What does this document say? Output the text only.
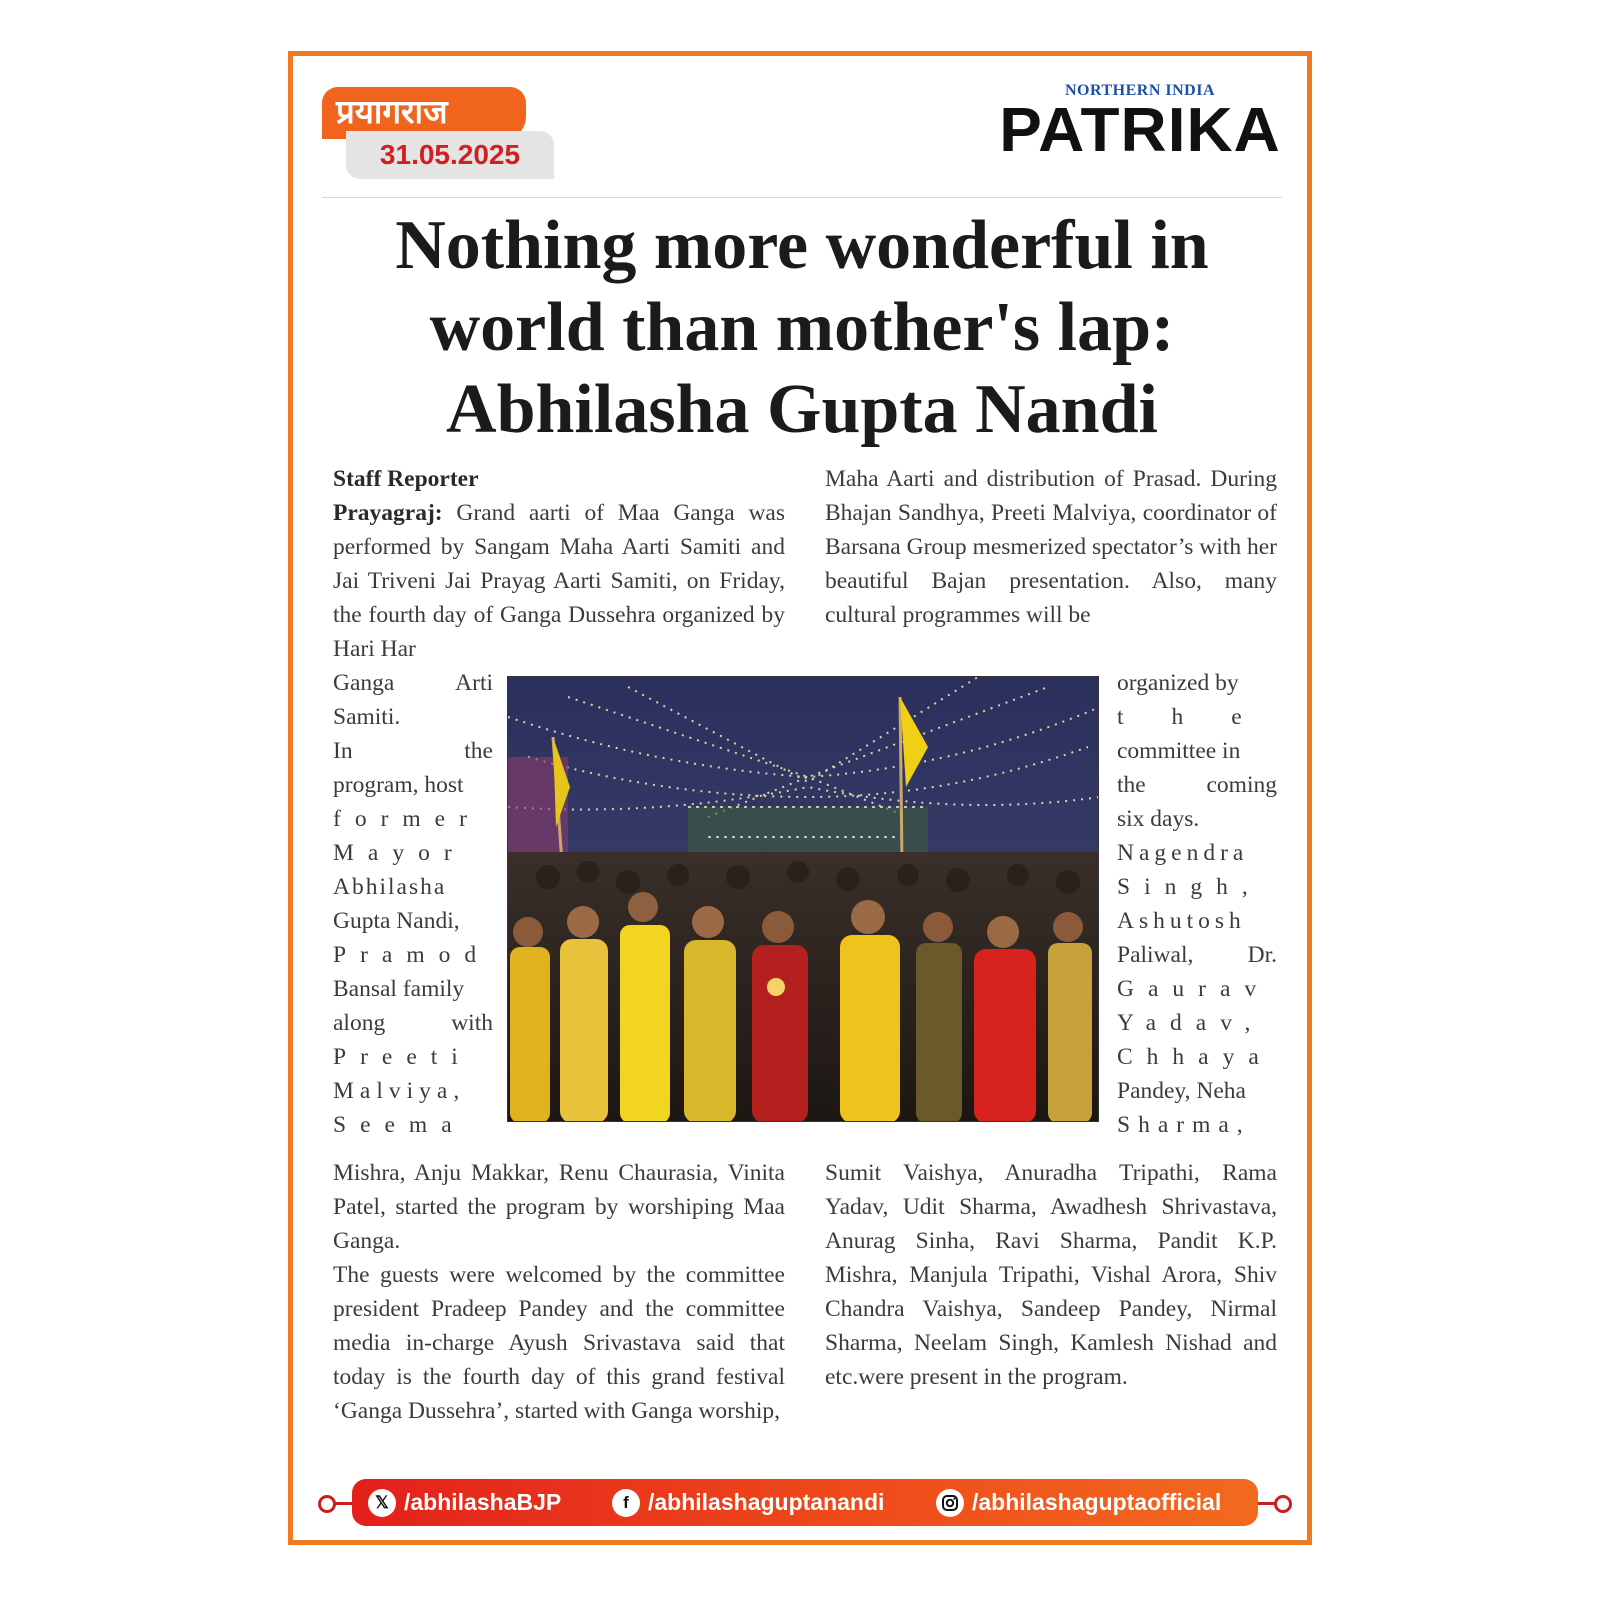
प्रयागराज
31.05.2025
NORTHERN INDIA
PATRIKA
Nothing more wonderful in
world than mother's lap:
Abhilasha Gupta Nandi

Staff Reporter

Prayagraj: Grand aarti of Maa Ganga was performed by Sangam Maha Aarti Samiti and Jai Triveni Jai Prayag Aarti Samiti, on Friday, the fourth day of Ganga Dussehra organized by Hari Har

Ganga Arti

Samiti.

In the

program, host

former

Mayor

Abhilasha

Gupta Nandi,

Pramod

Bansal family

along with

Preeti

Malviya,

Seema

Mishra, Anju Makkar, Renu Chaurasia, Vinita Patel, started the program by worshiping Maa Ganga.

The guests were welcomed by the committee president Pradeep Pandey and the committee media in-charge Ayush Srivastava said that today is the fourth day of this grand festival ‘Ganga Dussehra’, started with Ganga worship,

Maha Aarti and distribution of Prasad. During Bhajan Sandhya, Preeti Malviya, coordinator of Barsana Group mesmerized spectator’s with her beautiful Bajan presentation. Also, many cultural programmes will be

organized by

the

committee in

the coming

six days.

Nagendra

Singh,

Ashutosh

Paliwal, Dr.

Gaurav

Yadav,

Chhaya

Pandey, Neha

Sharma,

Sumit Vaishya, Anuradha Tripathi, Rama Yadav, Udit Sharma, Awadhesh Shrivastava, Anurag Sinha, Ravi Sharma, Pandit K.P. Mishra, Manjula Tripathi, Vishal Arora, Shiv Chandra Vaishya, Sandeep Pandey, Nirmal Sharma, Neelam Singh, Kamlesh Nishad and etc.were present in the program.

𝕏 /abhilashaBJP	f /abhilashaguptanandi	/abhilashaguptaofficial
